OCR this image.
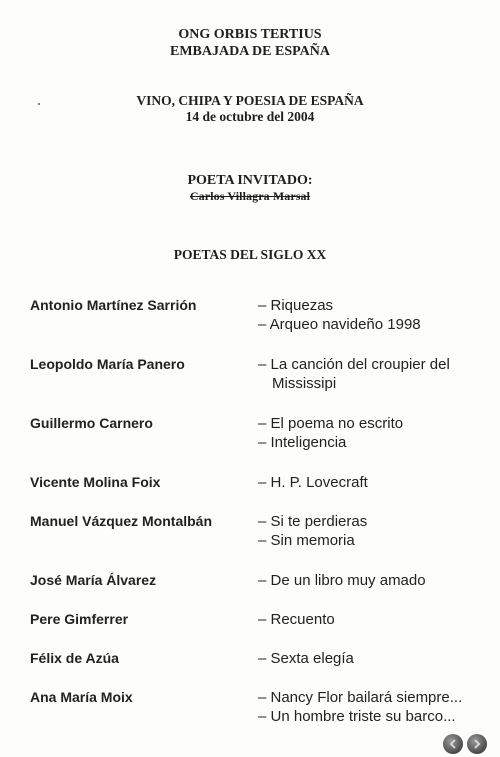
ONG ORBIS TERTIUS
EMBAJADA DE ESPAÑA
VINO, CHIPA Y POESIA DE ESPAÑA
14 de octubre del 2004
POETA INVITADO:
Carlos Villagra Marsal
POETAS DEL SIGLO XX
Antonio Martínez Sarrión	– Riquezas
– Arqueo navideño 1998
Leopoldo María Panero	– La canción del croupier del Mississipi
Guillermo Carnero	– El poema no escrito
– Inteligencia
Vicente Molina Foix	– H. P. Lovecraft
Manuel Vázquez Montalbán	– Si te perdieras
– Sin memoria
José María Álvarez	– De un libro muy amado
Pere Gimferrer	– Recuento
Félix de Azúa	– Sexta elegía
Ana María Moix	– Nancy Flor bailará siempre...
– Un hombre triste su barco...
